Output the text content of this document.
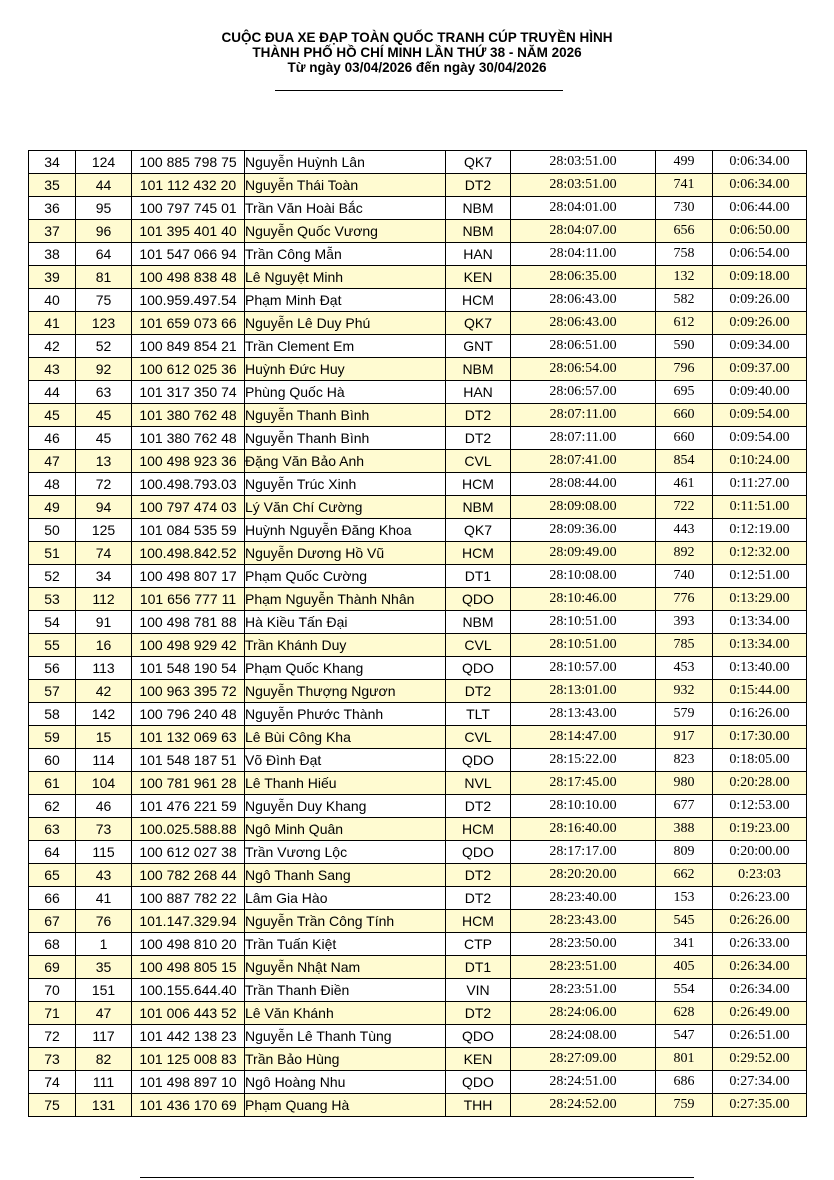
CUỘC ĐUA XE ĐẠP TOÀN QUỐC TRANH CÚP TRUYỀN HÌNH
THÀNH PHỐ HỒ CHÍ MINH LẦN THỨ 38 - NĂM 2026
Từ ngày 03/04/2026 đến ngày 30/04/2026
34	124	100 885 798 75	Nguyễn Huỳnh Lân	QK7	28:03:51.00	499	0:06:34.00
35	44	101 112 432 20	Nguyễn Thái Toàn	DT2	28:03:51.00	741	0:06:34.00
36	95	100 797 745 01	Trần Văn Hoài Bắc	NBM	28:04:01.00	730	0:06:44.00
37	96	101 395 401 40	Nguyễn Quốc Vương	NBM	28:04:07.00	656	0:06:50.00
38	64	101 547 066 94	Trần Công Mẫn	HAN	28:04:11.00	758	0:06:54.00
39	81	100 498 838 48	Lê Nguyệt Minh	KEN	28:06:35.00	132	0:09:18.00
40	75	100.959.497.54	Phạm Minh Đạt	HCM	28:06:43.00	582	0:09:26.00
41	123	101 659 073 66	Nguyễn Lê Duy Phú	QK7	28:06:43.00	612	0:09:26.00
42	52	100 849 854 21	Trần Clement Em	GNT	28:06:51.00	590	0:09:34.00
43	92	100 612 025 36	Huỳnh Đức Huy	NBM	28:06:54.00	796	0:09:37.00
44	63	101 317 350 74	Phùng Quốc Hà	HAN	28:06:57.00	695	0:09:40.00
45	45	101 380 762 48	Nguyễn Thanh Bình	DT2	28:07:11.00	660	0:09:54.00
46	45	101 380 762 48	Nguyễn Thanh Bình	DT2	28:07:11.00	660	0:09:54.00
47	13	100 498 923 36	Đặng Văn Bảo Anh	CVL	28:07:41.00	854	0:10:24.00
48	72	100.498.793.03	Nguyễn Trúc Xinh	HCM	28:08:44.00	461	0:11:27.00
49	94	100 797 474 03	Lý Văn Chí Cường	NBM	28:09:08.00	722	0:11:51.00
50	125	101 084 535 59	Huỳnh Nguyễn Đăng Khoa	QK7	28:09:36.00	443	0:12:19.00
51	74	100.498.842.52	Nguyễn Dương Hồ Vũ	HCM	28:09:49.00	892	0:12:32.00
52	34	100 498 807 17	Phạm Quốc Cường	DT1	28:10:08.00	740	0:12:51.00
53	112	101 656 777 11	Phạm Nguyễn Thành Nhân	QDO	28:10:46.00	776	0:13:29.00
54	91	100 498 781 88	Hà Kiều Tấn Đại	NBM	28:10:51.00	393	0:13:34.00
55	16	100 498 929 42	Trần Khánh Duy	CVL	28:10:51.00	785	0:13:34.00
56	113	101 548 190 54	Phạm Quốc Khang	QDO	28:10:57.00	453	0:13:40.00
57	42	100 963 395 72	Nguyễn Thượng Ngươn	DT2	28:13:01.00	932	0:15:44.00
58	142	100 796 240 48	Nguyễn Phước Thành	TLT	28:13:43.00	579	0:16:26.00
59	15	101 132 069 63	Lê Bùi Công Kha	CVL	28:14:47.00	917	0:17:30.00
60	114	101 548 187 51	Võ Đình Đạt	QDO	28:15:22.00	823	0:18:05.00
61	104	100 781 961 28	Lê Thanh Hiếu	NVL	28:17:45.00	980	0:20:28.00
62	46	101 476 221 59	Nguyễn Duy Khang	DT2	28:10:10.00	677	0:12:53.00
63	73	100.025.588.88	Ngô Minh Quân	HCM	28:16:40.00	388	0:19:23.00
64	115	100 612 027 38	Trần Vương Lộc	QDO	28:17:17.00	809	0:20:00.00
65	43	100 782 268 44	Ngô Thanh Sang	DT2	28:20:20.00	662	0:23:03
66	41	100 887 782 22	Lâm Gia Hào	DT2	28:23:40.00	153	0:26:23.00
67	76	101.147.329.94	Nguyễn Trần Công Tính	HCM	28:23:43.00	545	0:26:26.00
68	1	100 498 810 20	Trần Tuấn Kiệt	CTP	28:23:50.00	341	0:26:33.00
69	35	100 498 805 15	Nguyễn Nhật Nam	DT1	28:23:51.00	405	0:26:34.00
70	151	100.155.644.40	Trần Thanh Điền	VIN	28:23:51.00	554	0:26:34.00
71	47	101 006 443 52	Lê Văn Khánh	DT2	28:24:06.00	628	0:26:49.00
72	117	101 442 138 23	Nguyễn Lê Thanh Tùng	QDO	28:24:08.00	547	0:26:51.00
73	82	101 125 008 83	Trần Bảo Hùng	KEN	28:27:09.00	801	0:29:52.00
74	111	101 498 897 10	Ngô Hoàng Nhu	QDO	28:24:51.00	686	0:27:34.00
75	131	101 436 170 69	Phạm Quang Hà	THH	28:24:52.00	759	0:27:35.00
